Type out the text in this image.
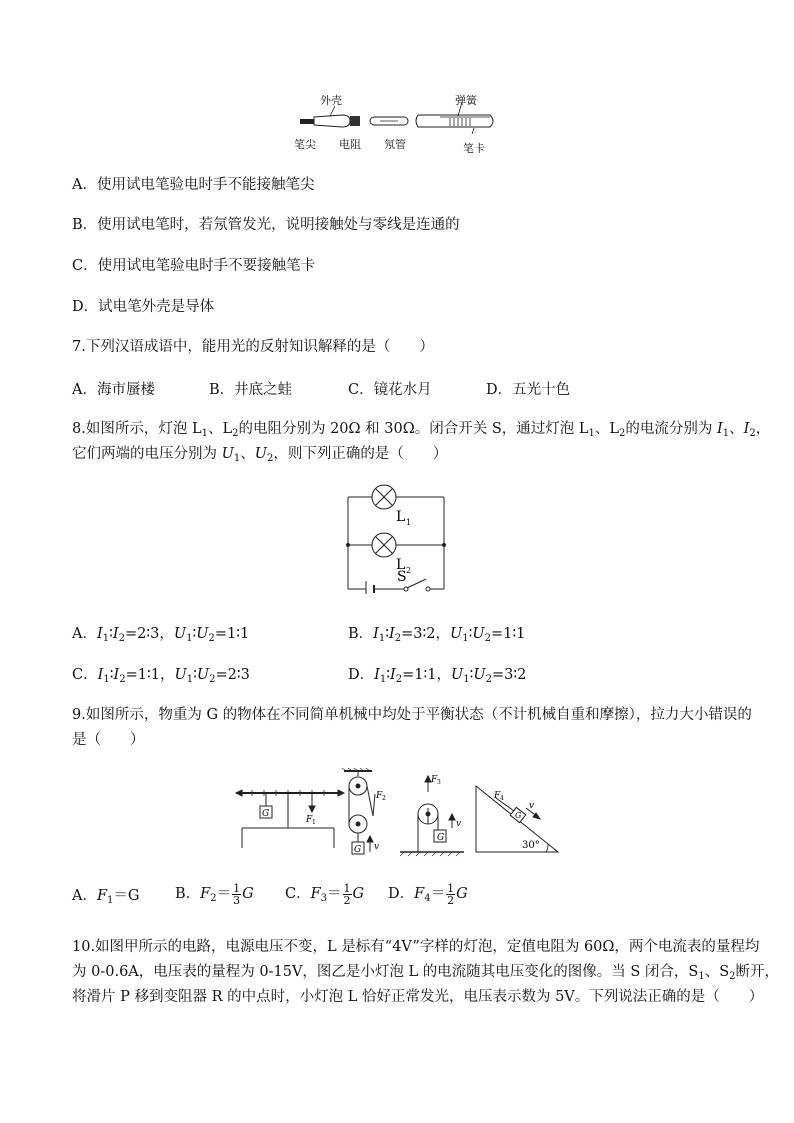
外壳	弹簧
笔尖 电阻 氖管	笔卡
A．使用试电笔验电时手不能接触笔尖
B．使用试电笔时，若氖管发光，说明接触处与零线是连通的
C．使用试电笔验电时手不要接触笔卡
D．试电笔外壳是导体
7.下列汉语成语中，能用光的反射知识解释的是（　　）
A．海市蜃楼	B．井底之蛙	C．镜花水月	D．五光十色
8.如图所示，灯泡 $L_1$、$L_2$的电阻分别为 20Ω 和 30Ω。闭合开关 S，通过灯泡 $L_1$、$L_2$的电流分别为 $I_1$、$I_2$，
它们两端的电压分别为 $U_1$、$U_2$，则下列正确的是（　　）
L 1
L 2
S
A．$I_1∶I_2=2∶3$，$U_1∶U_2=1∶1$	B．$I_1∶I_2=3∶2$，$U_1∶U_2=1∶1$
C．$I_1∶I_2=1∶1$，$U_1∶U_2=2∶3$	D．$I_1∶I_2=1∶1$，$U_1∶U_2=3∶2$
9.如图所示，物重为 G 的物体在不同简单机械中均处于平衡状态（不计机械自重和摩擦），拉力大小错误的
是（　　）
G
F 1
G
F 2
v
F 3
G
v
F 4
v
G
30°
A．$F_1=G$ B．$F_2= \frac{1}{3}$ G C．$F_3= \frac{1}{2}$ G D．$F_4= \frac{1}{2}$ G
10.如图甲所示的电路，电源电压不变，L 是标有“4V”字样的灯泡，定值电阻为 60Ω，两个电流表的量程均
为 0-0.6A，电压表的量程为 0-15V，图乙是小灯泡 L 的电流随其电压变化的图像。当 S 闭合，$S_1$、$S_2$断开，
将滑片 P 移到变阻器 R 的中点时，小灯泡 L 恰好正常发光，电压表示数为 5V。下列说法正确的是（　　）
